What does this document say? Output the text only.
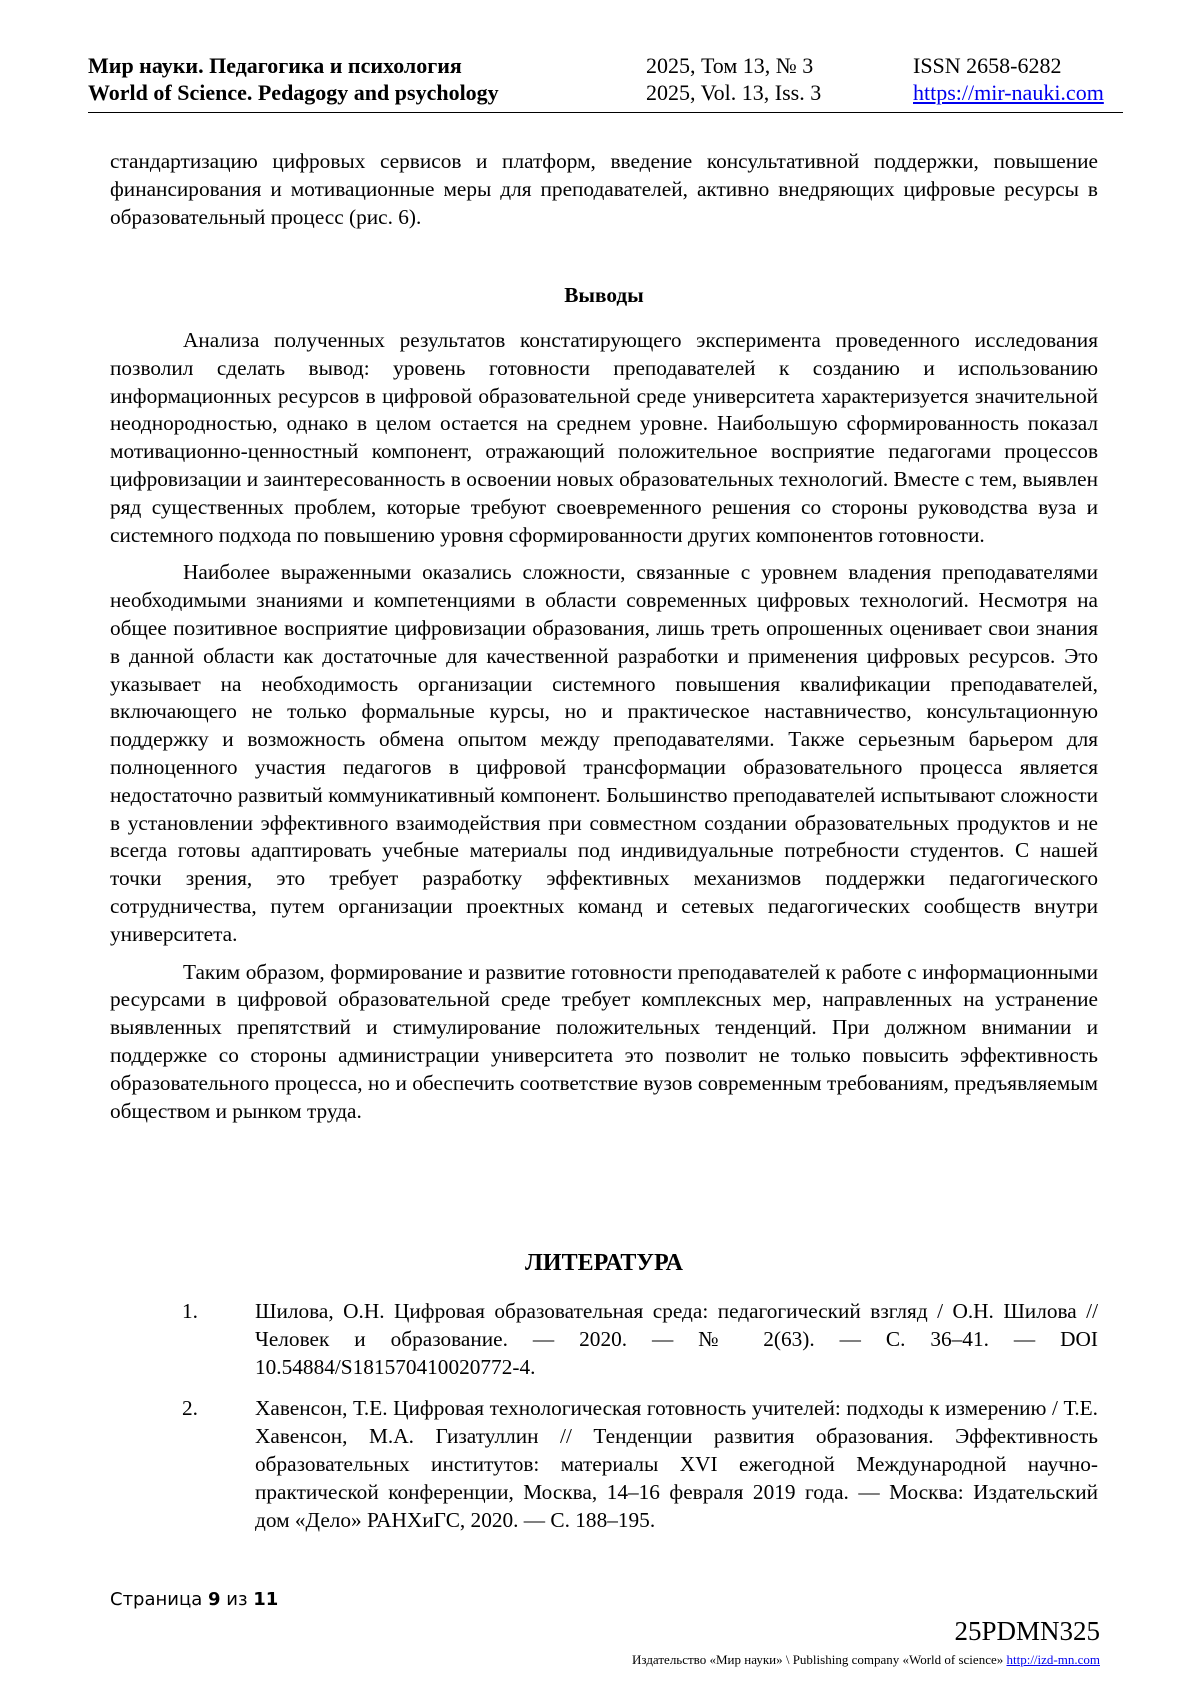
Мир науки. Педагогика и психология
World of Science. Pedagogy and psychology
2025, Том 13, № 3
2025, Vol. 13, Iss. 3
ISSN 2658-6282
https://mir-nauki.com

стандартизацию цифровых сервисов и платформ, введение консультативной поддержки, повышение финансирования и мотивационные меры для преподавателей, активно внедряющих цифровые ресурсы в образовательный процесс (рис. 6).

Выводы

Анализа полученных результатов констатирующего эксперимента проведенного исследования позволил сделать вывод: уровень готовности преподавателей к созданию и использованию информационных ресурсов в цифровой образовательной среде университета характеризуется значительной неоднородностью, однако в целом остается на среднем уровне. Наибольшую сформированность показал мотивационно-ценностный компонент, отражающий положительное восприятие педагогами процессов цифровизации и заинтересованность в освоении новых образовательных технологий. Вместе с тем, выявлен ряд существенных проблем, которые требуют своевременного решения со стороны руководства вуза и системного подхода по повышению уровня сформированности других компонентов готовности.

Наиболее выраженными оказались сложности, связанные с уровнем владения преподавателями необходимыми знаниями и компетенциями в области современных цифровых технологий. Несмотря на общее позитивное восприятие цифровизации образования, лишь треть опрошенных оценивает свои знания в данной области как достаточные для качественной разработки и применения цифровых ресурсов. Это указывает на необходимость организации системного повышения квалификации преподавателей, включающего не только формальные курсы, но и практическое наставничество, консультационную поддержку и возможность обмена опытом между преподавателями. Также серьезным барьером для полноценного участия педагогов в цифровой трансформации образовательного процесса является недостаточно развитый коммуникативный компонент. Большинство преподавателей испытывают сложности в установлении эффективного взаимодействия при совместном создании образовательных продуктов и не всегда готовы адаптировать учебные материалы под индивидуальные потребности студентов. С нашей точки зрения, это требует разработку эффективных механизмов поддержки педагогического сотрудничества, путем организации проектных команд и сетевых педагогических сообществ внутри университета.

Таким образом, формирование и развитие готовности преподавателей к работе с информационными ресурсами в цифровой образовательной среде требует комплексных мер, направленных на устранение выявленных препятствий и стимулирование положительных тенденций. При должном внимании и поддержке со стороны администрации университета это позволит не только повысить эффективность образовательного процесса, но и обеспечить соответствие вузов современным требованиям, предъявляемым обществом и рынком труда.

ЛИТЕРАТУРА
1.	Шилова, О.Н. Цифровая образовательная среда: педагогический взгляд / О.Н. Шилова // Человек и образование. — 2020. — № 2(63). — С. 36–41. — DOI 10.54884/S181570410020772-4.
2.	Хавенсон, Т.Е. Цифровая технологическая готовность учителей: подходы к измерению / Т.Е. Хавенсон, М.А. Гизатуллин // Тенденции развития образования. Эффективность образовательных институтов: материалы XVI ежегодной Международной научно-практической конференции, Москва, 14–16 февраля 2019 года. — Москва: Издательский дом «Дело» РАНХиГС, 2020. — С. 188–195.
Страница 9 из 11
25PDMN325
Издательство «Мир науки» \ Publishing company «World of science» http://izd-mn.com
